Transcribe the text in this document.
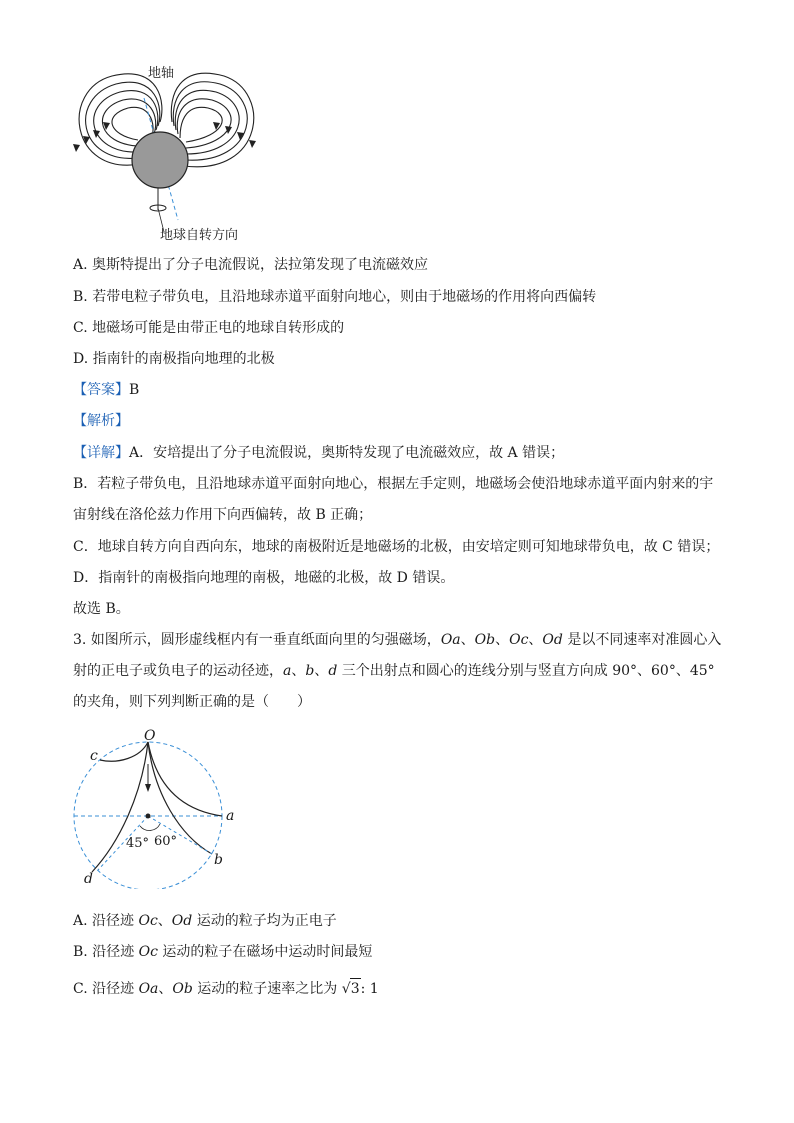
地轴
地球自转方向
A. 奥斯特提出了分子电流假说，法拉第发现了电流磁效应
B. 若带电粒子带负电，且沿地球赤道平面射向地心，则由于地磁场的作用将向西偏转
C. 地磁场可能是由带正电的地球自转形成的
D. 指南针的南极指向地理的北极
【答案】B
【解析】
【详解】A．安培提出了分子电流假说，奥斯特发现了电流磁效应，故 A 错误；
B．若粒子带负电，且沿地球赤道平面射向地心，根据左手定则，地磁场会使沿地球赤道平面内射来的宇
宙射线在洛伦兹力作用下向西偏转，故 B 正确；
C．地球自转方向自西向东，地球的南极附近是地磁场的北极，由安培定则可知地球带负电，故 C 错误；
D．指南针的南极指向地理的南极，地磁的北极，故 D 错误。
故选 B。
3. 如图所示，圆形虚线框内有一垂直纸面向里的匀强磁场，Oa、Ob、Oc、Od 是以不同速率对准圆心入
射的正电子或负电子的运动径迹，a、b、d 三个出射点和圆心的连线分别与竖直方向成 90°、60°、45°
的夹角，则下列判断正确的是（　　）
O
c
a
b
d
45° 60°
A. 沿径迹 Oc、Od 运动的粒子均为正电子
B. 沿径迹 Oc 运动的粒子在磁场中运动时间最短
C. 沿径迹 Oa、Ob 运动的粒子速率之比为 √3: 1
